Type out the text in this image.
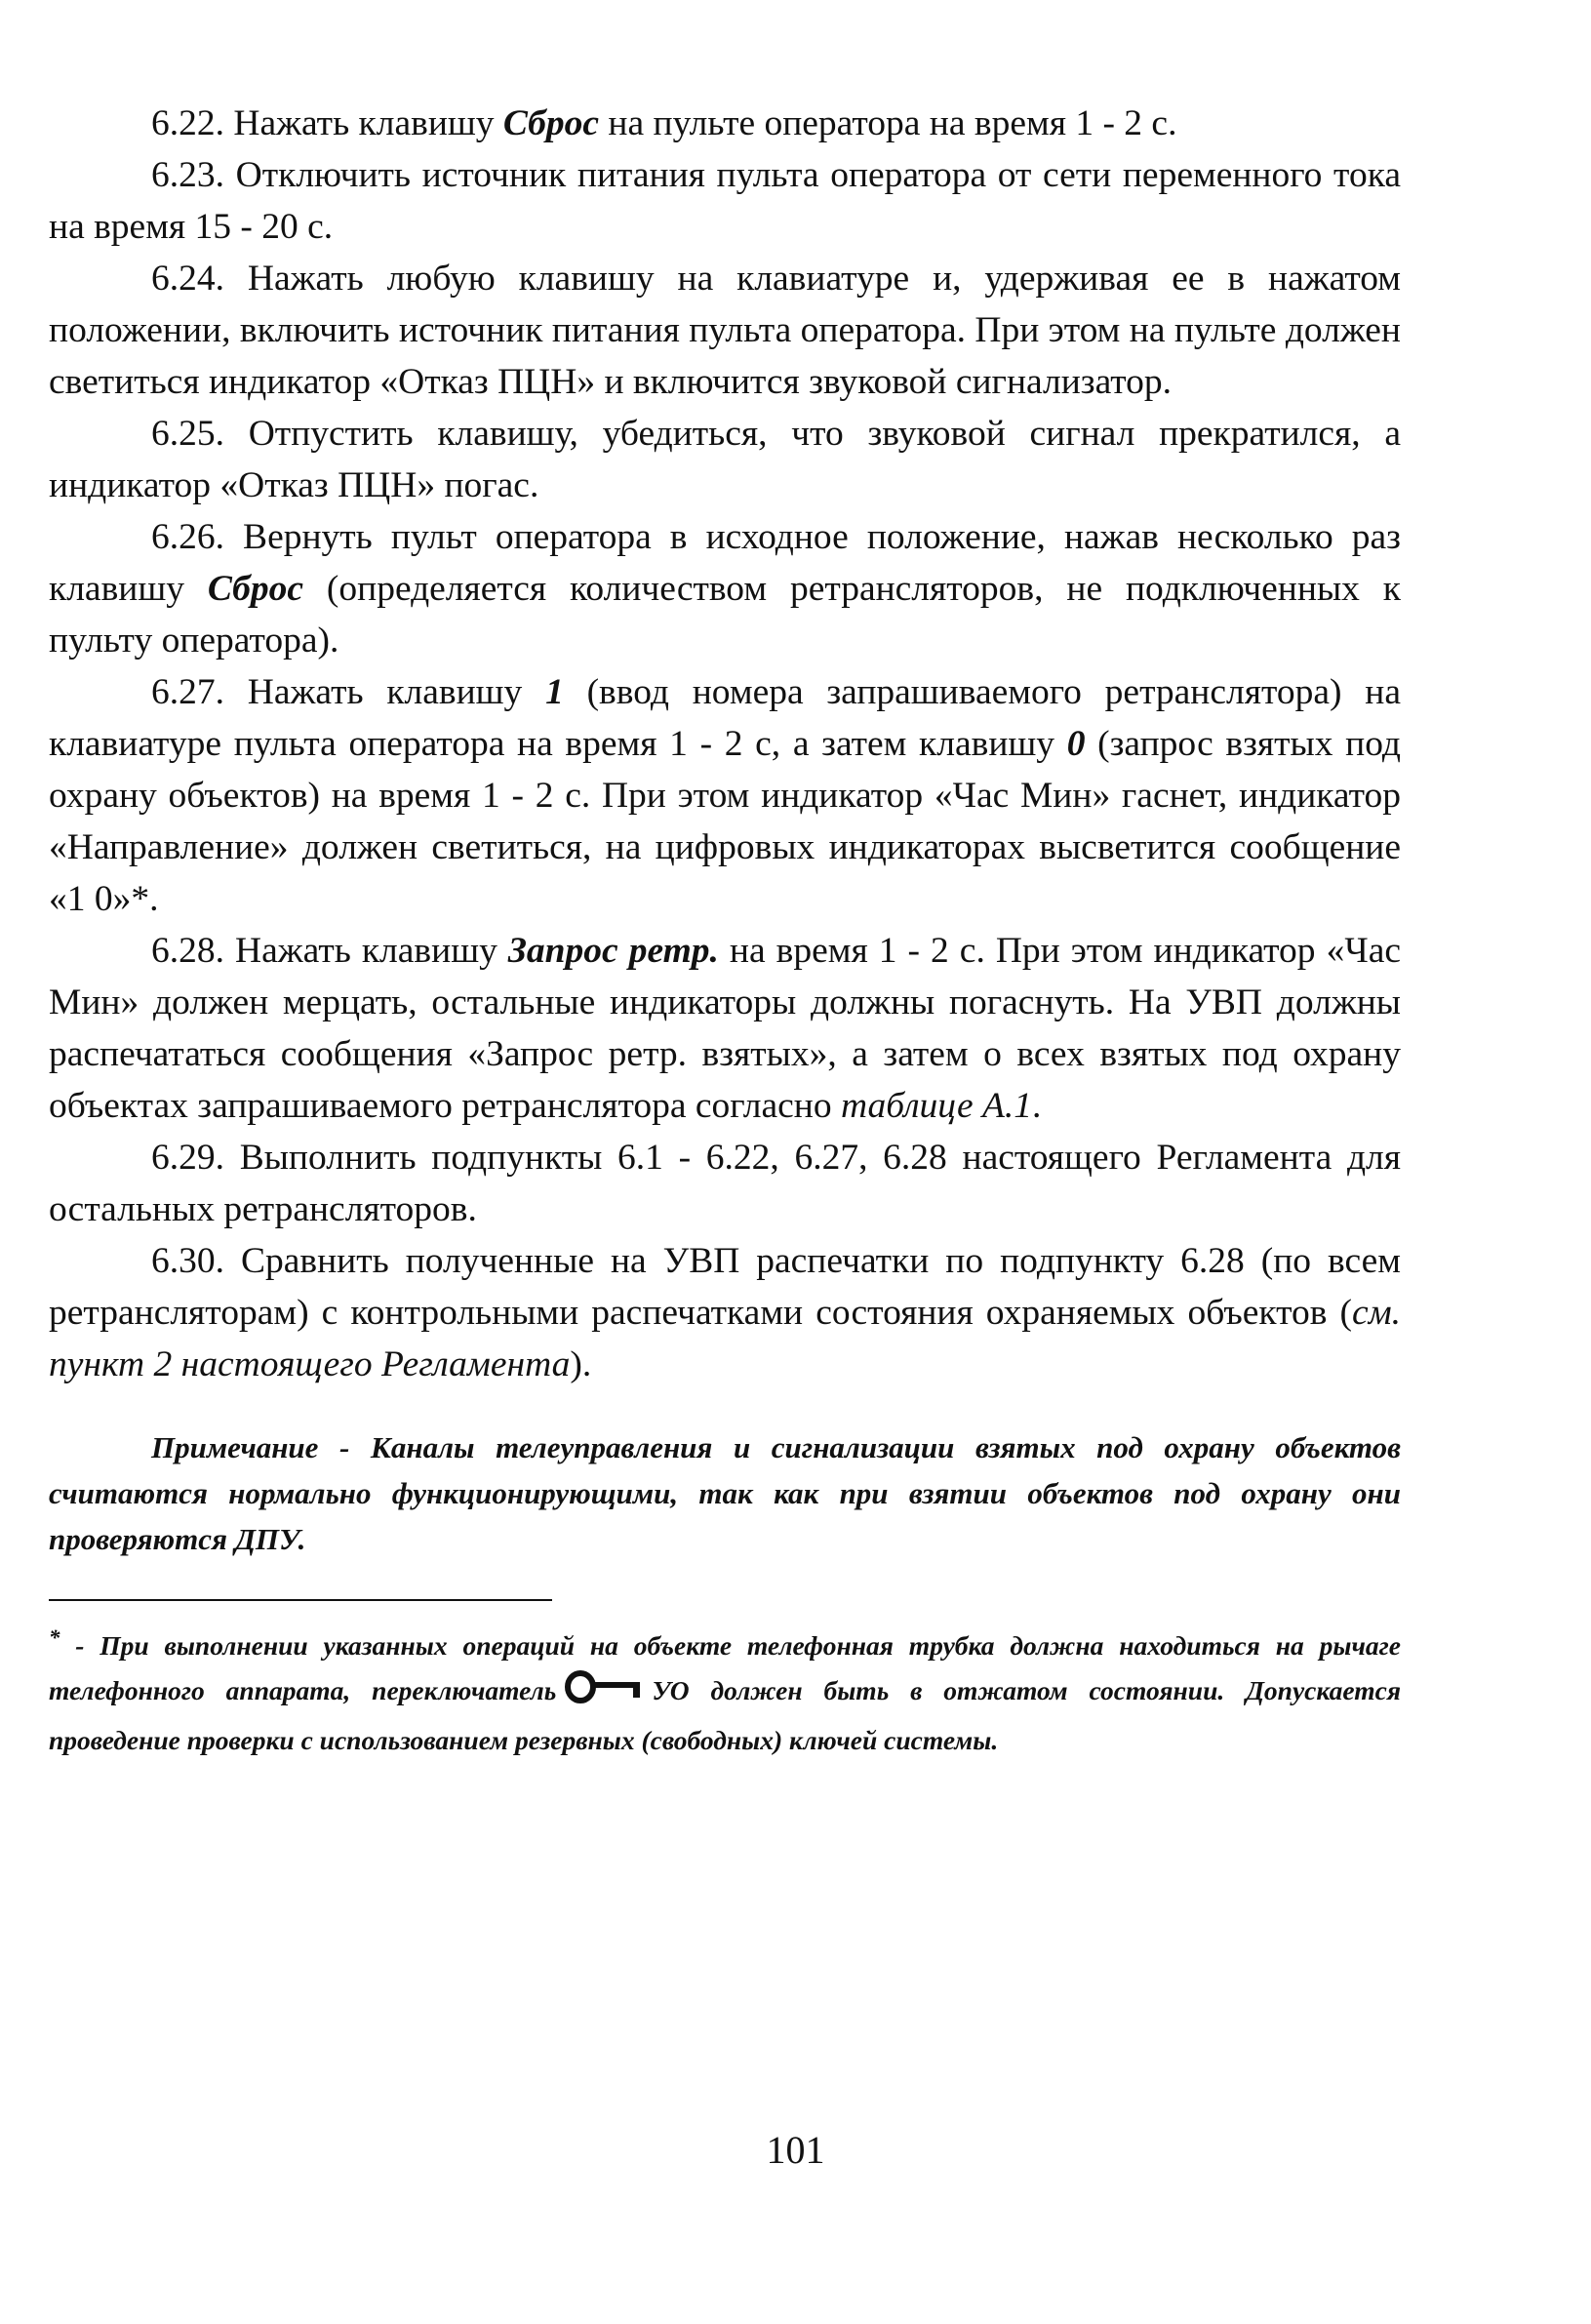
6.22. Нажать клавишу Сброс на пульте оператора на время 1 - 2 с.

6.23. Отключить источник питания пульта оператора от сети переменного тока на время 15 - 20 с.

6.24. Нажать любую клавишу на клавиатуре и, удерживая ее в нажатом положении, включить источник питания пульта оператора. При этом на пульте должен светиться индикатор «Отказ ПЦН» и включится звуковой сигнализатор.

6.25. Отпустить клавишу, убедиться, что звуковой сигнал прекратился, а индикатор «Отказ ПЦН» погас.

6.26. Вернуть пульт оператора в исходное положение, нажав несколько раз клавишу Сброс (определяется количеством ретрансляторов, не подключенных к пульту оператора).

6.27. Нажать клавишу 1 (ввод номера запрашиваемого ретранслятора) на клавиатуре пульта оператора на время 1 - 2 с, а затем клавишу 0 (запрос взятых под охрану объектов) на время 1 - 2 с. При этом индикатор «Час Мин» гаснет, индикатор «Направление» должен светиться, на цифровых индикаторах высветится сообщение «1 0»*.

6.28. Нажать клавишу Запрос ретр. на время 1 - 2 с. При этом индикатор «Час Мин» должен мерцать, остальные индикаторы должны погаснуть. На УВП должны распечататься сообщения «Запрос ретр. взятых», а затем о всех взятых под охрану объектах запрашиваемого ретранслятора согласно таблице А.1.

6.29. Выполнить подпункты 6.1 - 6.22, 6.27, 6.28 настоящего Регламента для остальных ретрансляторов.

6.30. Сравнить полученные на УВП распечатки по подпункту 6.28 (по всем ретрансляторам) с контрольными распечатками состояния охраняемых объектов (см. пункт 2 настоящего Регламента).

Примечание - Каналы телеуправления и сигнализации взятых под охрану объектов считаются нормально функционирующими, так как при взятии объектов под охрану они проверяются ДПУ.

* - При выполнении указанных операций на объекте телефонная трубка должна находиться на рычаге телефонного аппарата, переключатель	УО должен быть в отжатом состоянии. Допускается проведение проверки с использованием резервных (свободных) ключей системы.

101
